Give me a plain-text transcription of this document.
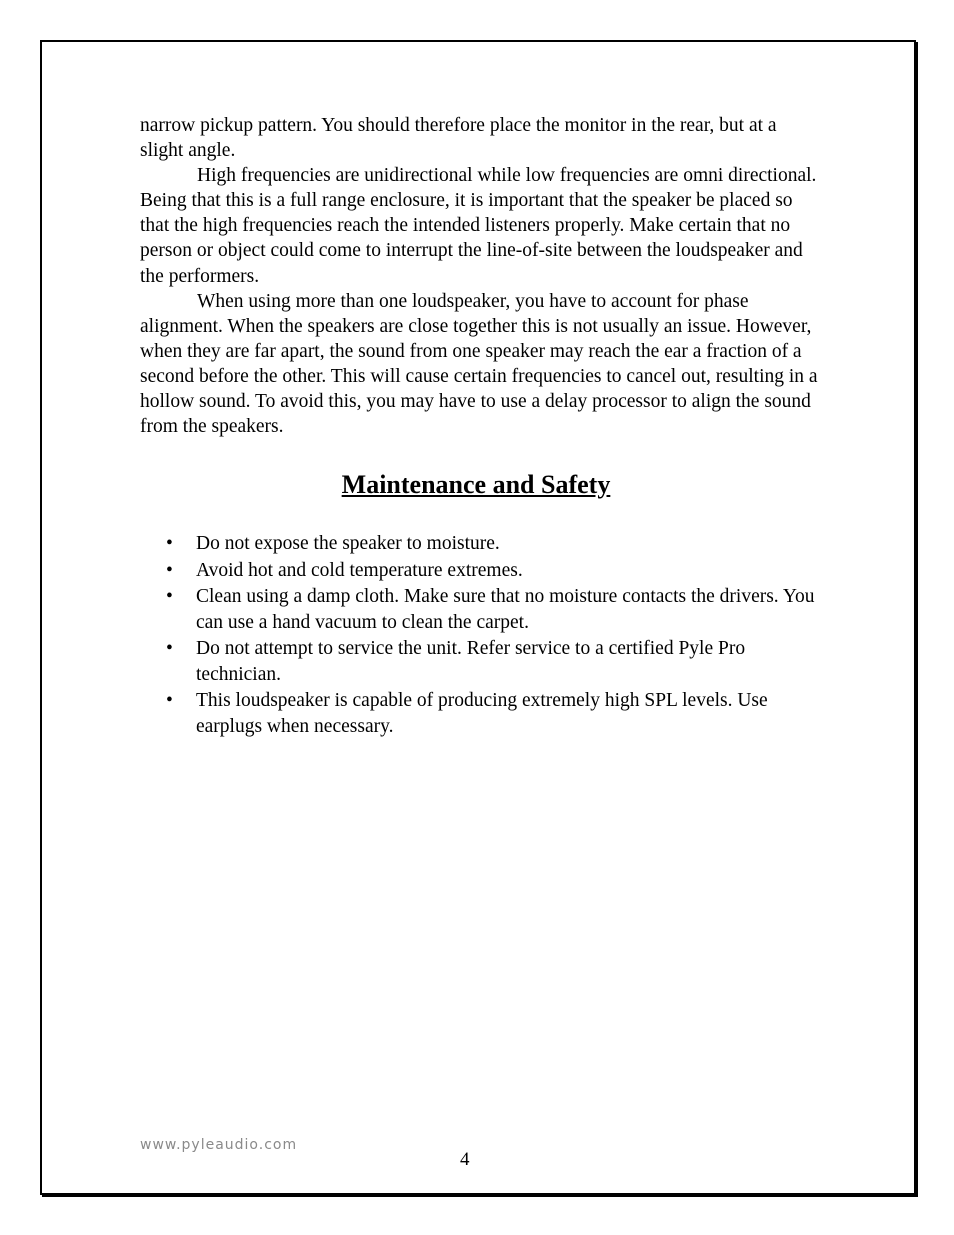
narrow pickup pattern. You should therefore place the monitor in the rear, but at a slight angle.

High frequencies are unidirectional while low frequencies are omni directional. Being that this is a full range enclosure, it is important that the speaker be placed so that the high frequencies reach the intended listeners properly. Make certain that no person or object could come to interrupt the line-of-site between the loudspeaker and the performers.

When using more than one loudspeaker, you have to account for phase alignment. When the speakers are close together this is not usually an issue. However, when they are far apart, the sound from one speaker may reach the ear a fraction of a second before the other. This will cause certain frequencies to cancel out, resulting in a hollow sound. To avoid this, you may have to use a delay processor to align the sound from the speakers.

Maintenance and Safety
•	Do not expose the speaker to moisture.
•	Avoid hot and cold temperature extremes.
•	Clean using a damp cloth. Make sure that no moisture contacts the drivers. You can use a hand vacuum to clean the carpet.
•	Do not attempt to service the unit. Refer service to a certified Pyle Pro technician.
•	This loudspeaker is capable of producing extremely high SPL levels. Use earplugs when necessary.
www.pyleaudio.com
4
